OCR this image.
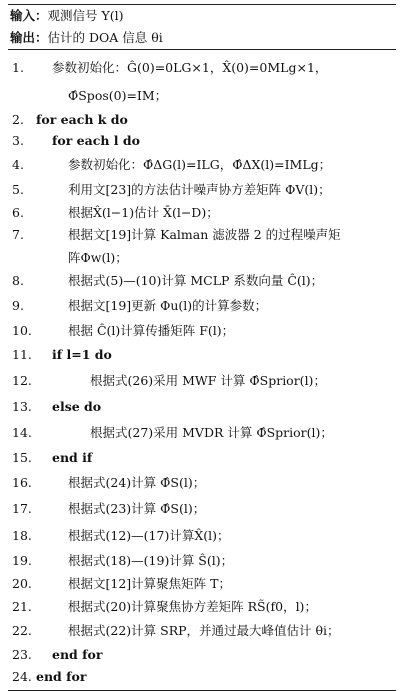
输入：观测信号 Y(l)
输出：估计的 DOA 信息 θi
1.	参数初始化：Ĝ(0)=0LG×1，X̂(0)=0MLg×1，
Φ̂Spos(0)=IM；
2. for each k do
3.	for each l do
4.	参数初始化：Φ̂ΔG(l)=ILG，Φ̂ΔX(l)=IMLg；
5.	利用文[23]的方法估计噪声协方差矩阵 ΦV(l)；
6.	根据X̂(l−1)估计 X̄(l−D)；
7.	根据文[19]计算 Kalman 滤波器 2 的过程噪声矩
阵Φw(l)；
8.	根据式(5)—(10)计算 MCLP 系数向量 Ĉ(l)；
9.	根据文[19]更新 Φu(l)的计算参数；
10.	根据 Ĉ(l)计算传播矩阵 F(l)；
11. if l=1 do
12.	根据式(26)采用 MWF 计算 Φ̂Sprior(l)；
13. else do
14.	根据式(27)采用 MVDR 计算 Φ̂Sprior(l)；
15. end if
16.	根据式(24)计算 Φ̂S(l)；
17.	根据式(23)计算 Φ̂S(l)；
18.	根据式(12)—(17)计算X̂(l)；
19.	根据式(18)—(19)计算 Ŝ(l)；
20.	根据文[12]计算聚焦矩阵 T；
21.	根据式(20)计算聚焦协方差矩阵 RS̃(f0，l)；
22.	根据式(22)计算 SRP，并通过最大峰值估计 θi；
23. end for
24. end for
